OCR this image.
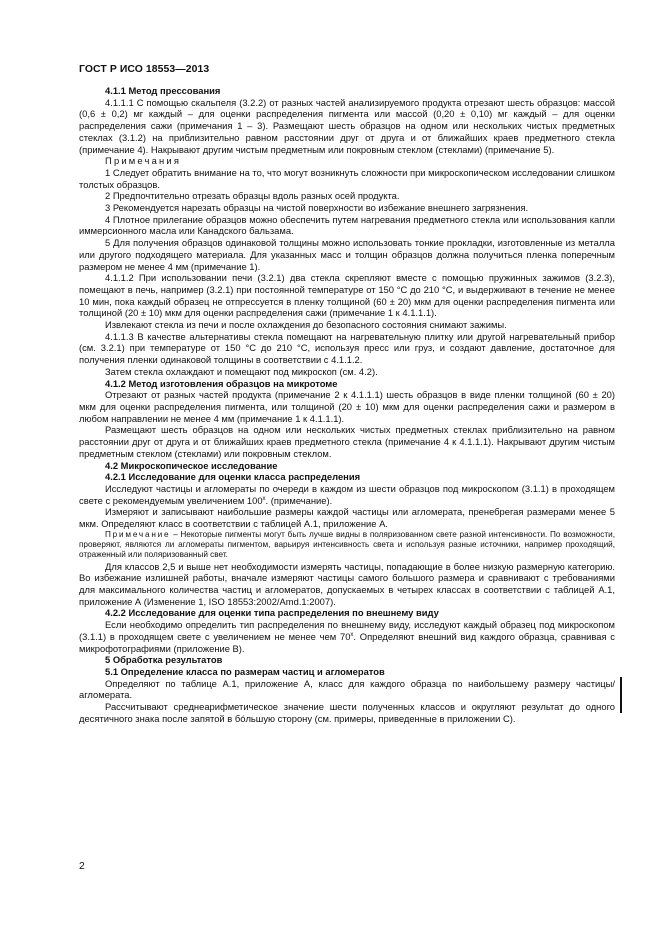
ГОСТ Р ИСО 18553—2013

4.1.1 Метод прессования

4.1.1.1 С помощью скальпеля (3.2.2) от разных частей анализируемого продукта отрезают шесть образцов: массой (0,6 ± 0,2) мг каждый – для оценки распределения пигмента или массой (0,20 ± 0,10) мг каждый – для оценки распределения сажи (примечания 1 – 3). Размещают шесть образцов на одном или нескольких чистых предметных стеклах (3.1.2) на приблизительно равном расстоянии друг от друга и от ближайших краев предметного стекла (примечание 4). Накрывают другим чистым предметным или покровным стеклом (стеклами) (примечание 5).

Примечания

1 Следует обратить внимание на то, что могут возникнуть сложности при микроскопическом исследовании слишком толстых образцов.

2 Предпочтительно отрезать образцы вдоль разных осей продукта.

3 Рекомендуется нарезать образцы на чистой поверхности во избежание внешнего загрязнения.

4 Плотное прилегание образцов можно обеспечить путем нагревания предметного стекла или использования капли иммерсионного масла или Канадского бальзама.

5 Для получения образцов одинаковой толщины можно использовать тонкие прокладки, изготовленные из металла или другого подходящего материала. Для указанных масс и толщин образцов должна получиться пленка поперечным размером не менее 4 мм (примечание 1).

4.1.1.2 При использовании печи (3.2.1) два стекла скрепляют вместе с помощью пружинных зажимов (3.2.3), помещают в печь, например (3.2.1) при постоянной температуре от 150 °С до 210 °С, и выдерживают в течение не менее 10 мин, пока каждый образец не отпрессуется в пленку толщиной (60 ± 20) мкм для оценки распределения пигмента или толщиной (20 ± 10) мкм для оценки распределения сажи (примечание 1 к 4.1.1.1).

Извлекают стекла из печи и после охлаждения до безопасного состояния снимают зажимы.

4.1.1.3 В качестве альтернативы стекла помещают на нагревательную плитку или другой нагревательный прибор (см. 3.2.1) при температуре от 150 °С до 210 °С, используя пресс или груз, и создают давление, достаточное для получения пленки одинаковой толщины в соответствии с 4.1.1.2.

Затем стекла охлаждают и помещают под микроскоп (см. 4.2).

4.1.2 Метод изготовления образцов на микротоме

Отрезают от разных частей продукта (примечание 2 к 4.1.1.1) шесть образцов в виде пленки толщиной (60 ± 20) мкм для оценки распределения пигмента, или толщиной (20 ± 10) мкм для оценки распределения сажи и размером в любом направлении не менее 4 мм (примечание 1 к 4.1.1.1).

Размещают шесть образцов на одном или нескольких чистых предметных стеклах приблизительно на равном расстоянии друг от друга и от ближайших краев предметного стекла (примечание 4 к 4.1.1.1). Накрывают другим чистым предметным стеклом (стеклами) или покровным стеклом.

4.2 Микроскопическое исследование

4.2.1 Исследование для оценки класса распределения

Исследуют частицы и агломераты по очереди в каждом из шести образцов под микроскопом (3.1.1) в проходящем свете с рекомендуемым увеличением $100^х$. (примечание).

Измеряют и записывают наибольшие размеры каждой частицы или агломерата, пренебрегая размерами менее 5 мкм. Определяют класс в соответствии с таблицей А.1, приложение А.

Примечание – Некоторые пигменты могут быть лучше видны в поляризованном свете разной интенсивности. По возможности, проверяют, являются ли агломераты пигментом, варьируя интенсивность света и используя разные источники, например проходящий, отраженный или поляризованный свет.

Для классов 2,5 и выше нет необходимости измерять частицы, попадающие в более низкую размерную категорию. Во избежание излишней работы, вначале измеряют частицы самого большого размера и сравнивают с требованиями для максимального количества частиц и агломератов, допускаемых в четырех классах в соответствии с таблицей А.1, приложение А (Изменение 1, ISO 18553:2002/Amd.1:2007).

4.2.2 Исследование для оценки типа распределения по внешнему виду

Если необходимо определить тип распределения по внешнему виду, исследуют каждый образец под микроскопом (3.1.1) в проходящем свете с увеличением не менее чем $70^х$. Определяют внешний вид каждого образца, сравнивая с микрофотографиями (приложение В).

5 Обработка результатов

5.1 Определение класса по размерам частиц и агломератов

Определяют по таблице А.1, приложение А, класс для каждого образца по наибольшему размеру частицы/агломерата.

Рассчитывают среднеарифметическое значение шести полученных классов и округляют результат до одного десятичного знака после запятой в бóльшую сторону (см. примеры, приведенные в приложении С).

2
